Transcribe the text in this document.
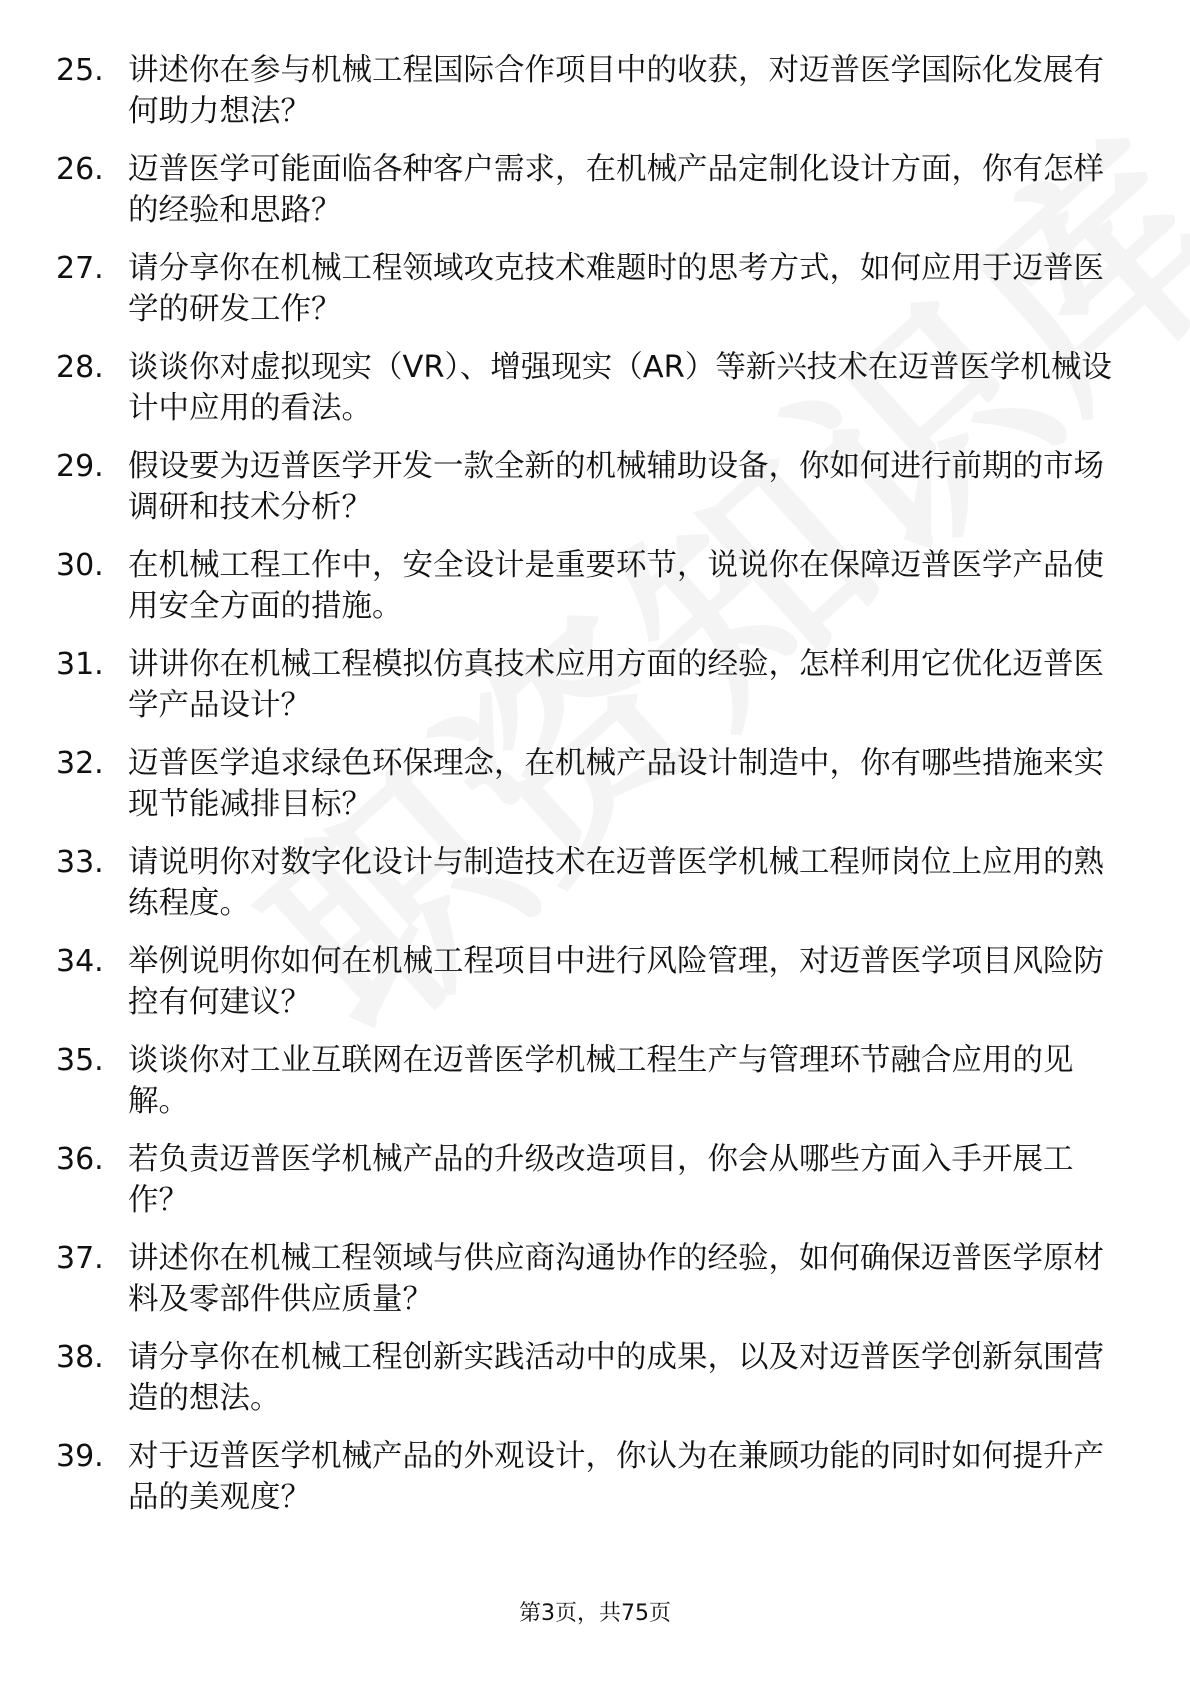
25. 讲述你在参与机械工程国际合作项目中的收获，对迈普医学国际化发展有何助力想法？
26. 迈普医学可能面临各种客户需求，在机械产品定制化设计方面，你有怎样的经验和思路？
27. 请分享你在机械工程领域攻克技术难题时的思考方式，如何应用于迈普医学的研发工作？
28. 谈谈你对虚拟现实（VR）、增强现实（AR）等新兴技术在迈普医学机械设计中应用的看法。
29. 假设要为迈普医学开发一款全新的机械辅助设备，你如何进行前期的市场调研和技术分析？
30. 在机械工程工作中，安全设计是重要环节，说说你在保障迈普医学产品使用安全方面的措施。
31. 讲讲你在机械工程模拟仿真技术应用方面的经验，怎样利用它优化迈普医学产品设计？
32. 迈普医学追求绿色环保理念，在机械产品设计制造中，你有哪些措施来实现节能减排目标？
33. 请说明你对数字化设计与制造技术在迈普医学机械工程师岗位上应用的熟练程度。
34. 举例说明你如何在机械工程项目中进行风险管理，对迈普医学项目风险防控有何建议？
35. 谈谈你对工业互联网在迈普医学机械工程生产与管理环节融合应用的见解。
36. 若负责迈普医学机械产品的升级改造项目，你会从哪些方面入手开展工作？
37. 讲述你在机械工程领域与供应商沟通协作的经验，如何确保迈普医学原材料及零部件供应质量？
38. 请分享你在机械工程创新实践活动中的成果，以及对迈普医学创新氛围营造的想法。
39. 对于迈普医学机械产品的外观设计，你认为在兼顾功能的同时如何提升产品的美观度？
第3页，共75页
